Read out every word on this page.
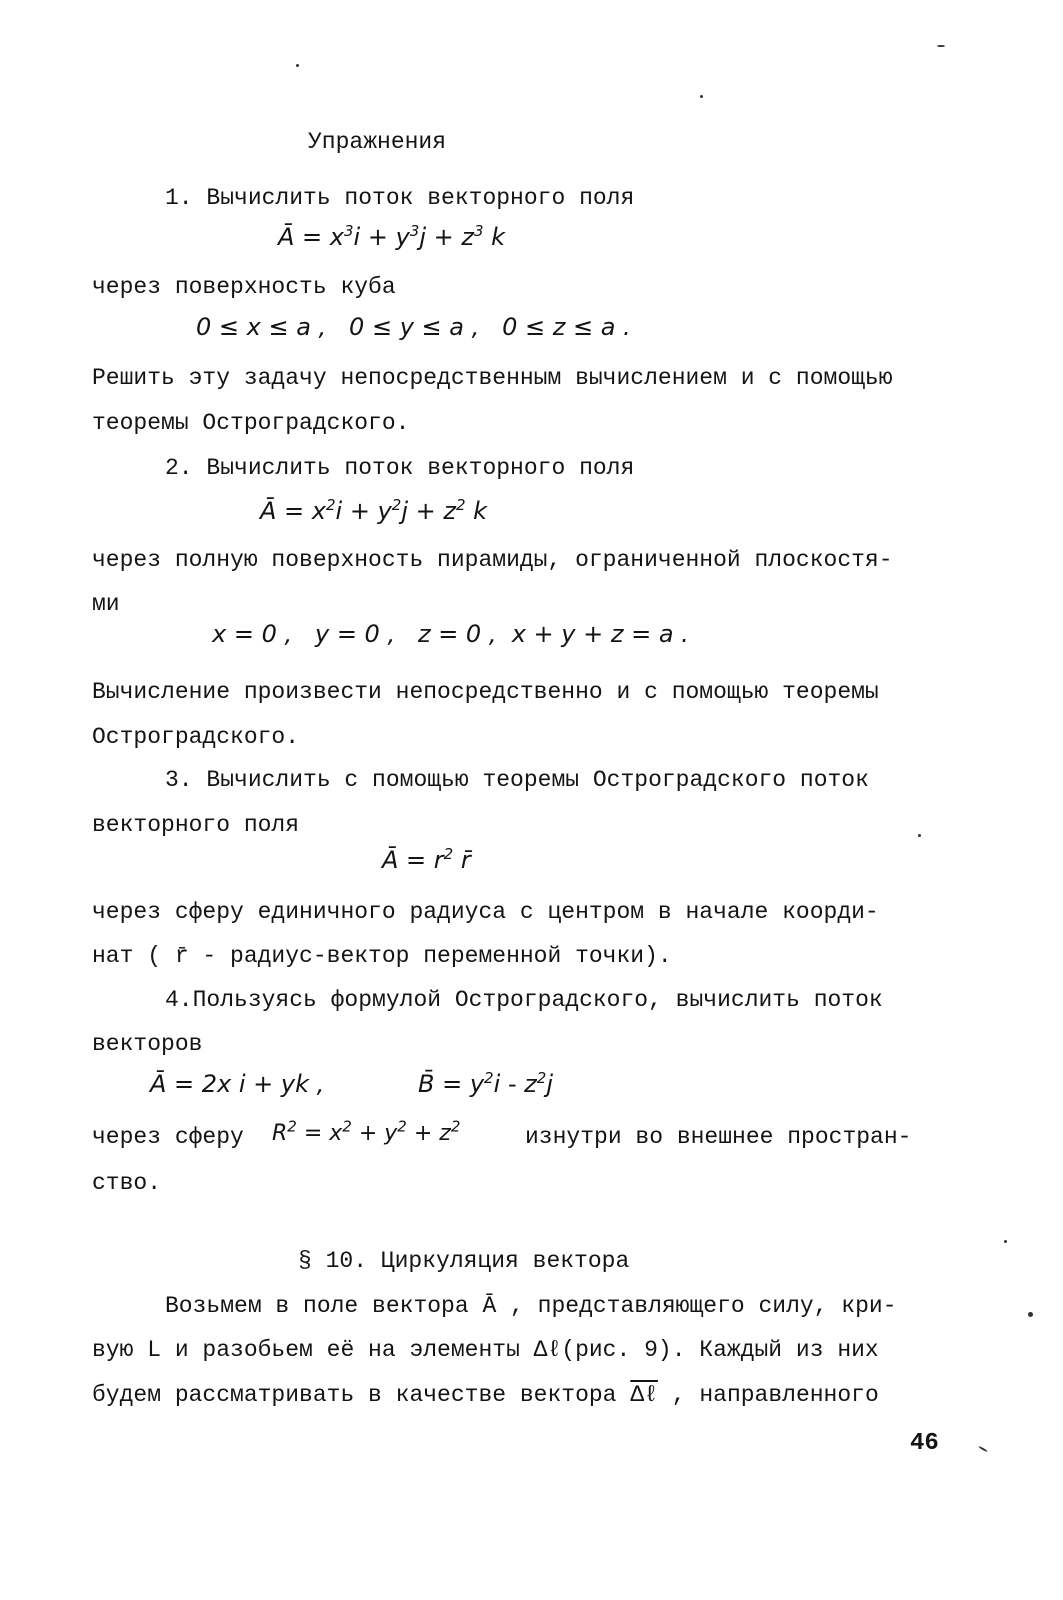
Упражнения
1. Вычислить поток векторного поля
Ā = $x^3i + y^3j + z^3$ k
через поверхность куба
0 ≤ x ≤ a ,   0 ≤ y ≤ a ,   0 ≤ z ≤ a .
Решить эту задачу непосредственным вычислением и с помощью
теоремы Остроградского.
2. Вычислить поток векторного поля
Ā = $x^2i + y^2j + z^2$ k
через полную поверхность пирамиды, ограниченной плоскостя-
ми
x = 0 ,   y = 0 ,   z = 0 ,  x + y + z = a .
Вычисление произвести непосредственно и с помощью теоремы
Остроградского.
3. Вычислить с помощью теоремы Остроградского поток
векторного поля
Ā = $r^2$ r̄
через сферу единичного радиуса с центром в начале коорди-
нат ( r̄ - радиус-вектор переменной точки).
4.Пользуясь формулой Остроградского, вычислить поток
векторов
Ā = 2x i + yk ,	B̄ = $y^2i - z^2j$
через сферу $R^2 = x^2 + y^2 + z^2$	изнутри во внешнее простран-
ство.
§ 10. Циркуляция вектора
Возьмем в поле вектора Ā , представляющего силу, кри-
вую L и разобьем её на элементы Δℓ(рис. 9). Каждый из них
будем рассматривать в качестве вектора Δℓ , направленного
46
